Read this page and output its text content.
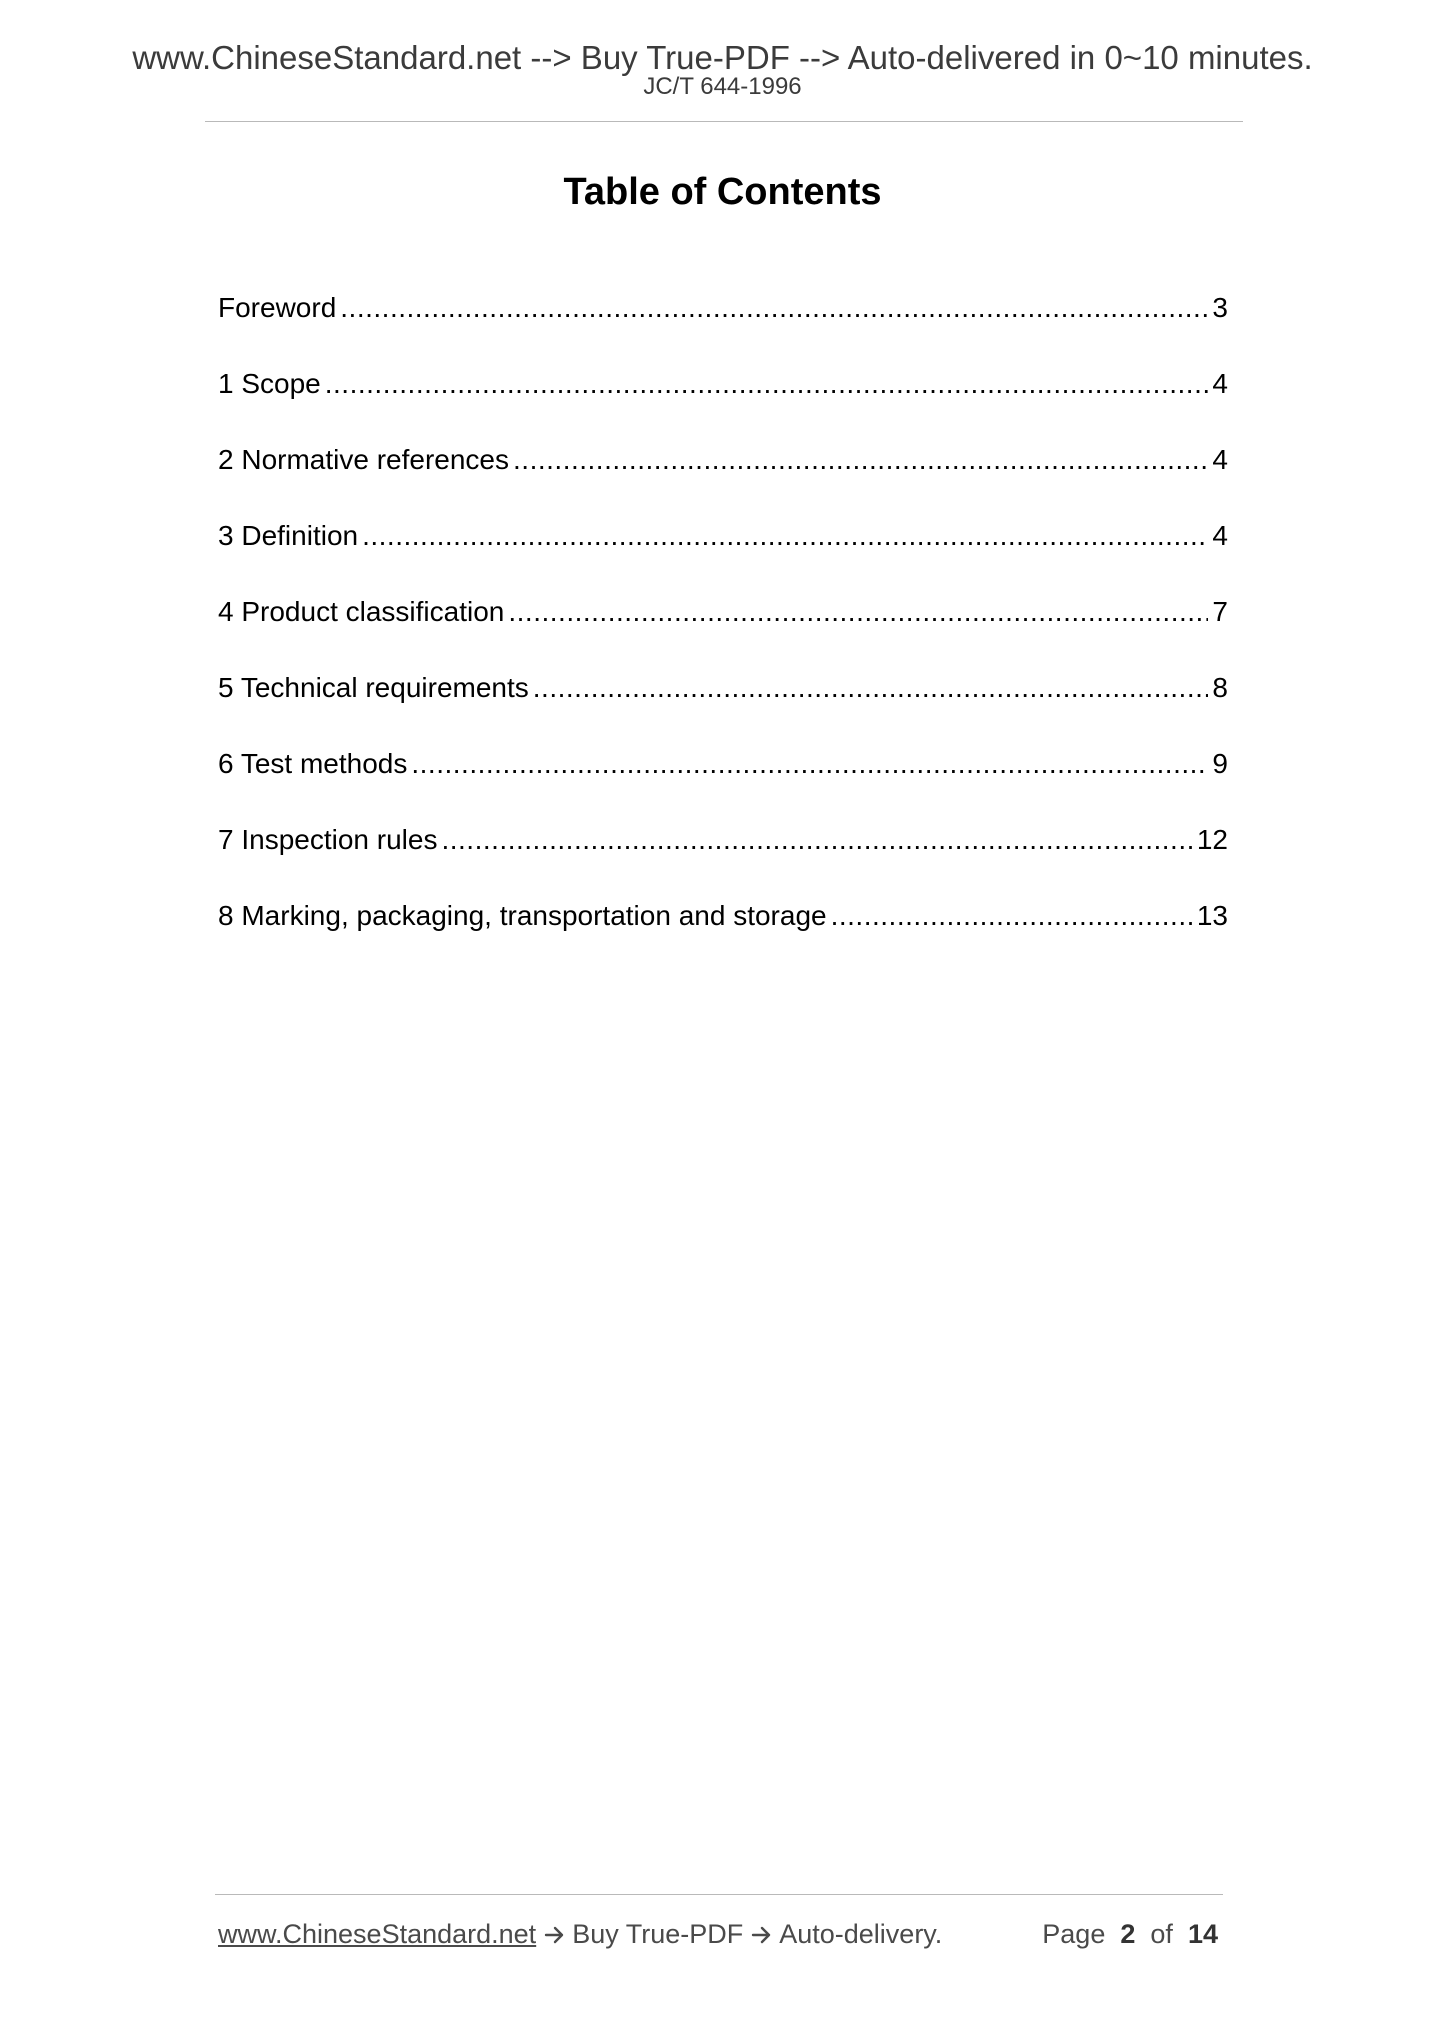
www.ChineseStandard.net --> Buy True-PDF --> Auto-delivered in 0~10 minutes.
JC/T 644-1996
Table of Contents
Foreword .....	3
1 Scope .....	4
2 Normative references .....	4
3 Definition .....	4
4 Product classification .....	7
5 Technical requirements .....	8
6 Test methods .....	9
7 Inspection rules .....	12
8 Marking, packaging, transportation and storage .....	13
www.ChineseStandard.net Buy True-PDF Auto-delivery.	Page 2 of 14
